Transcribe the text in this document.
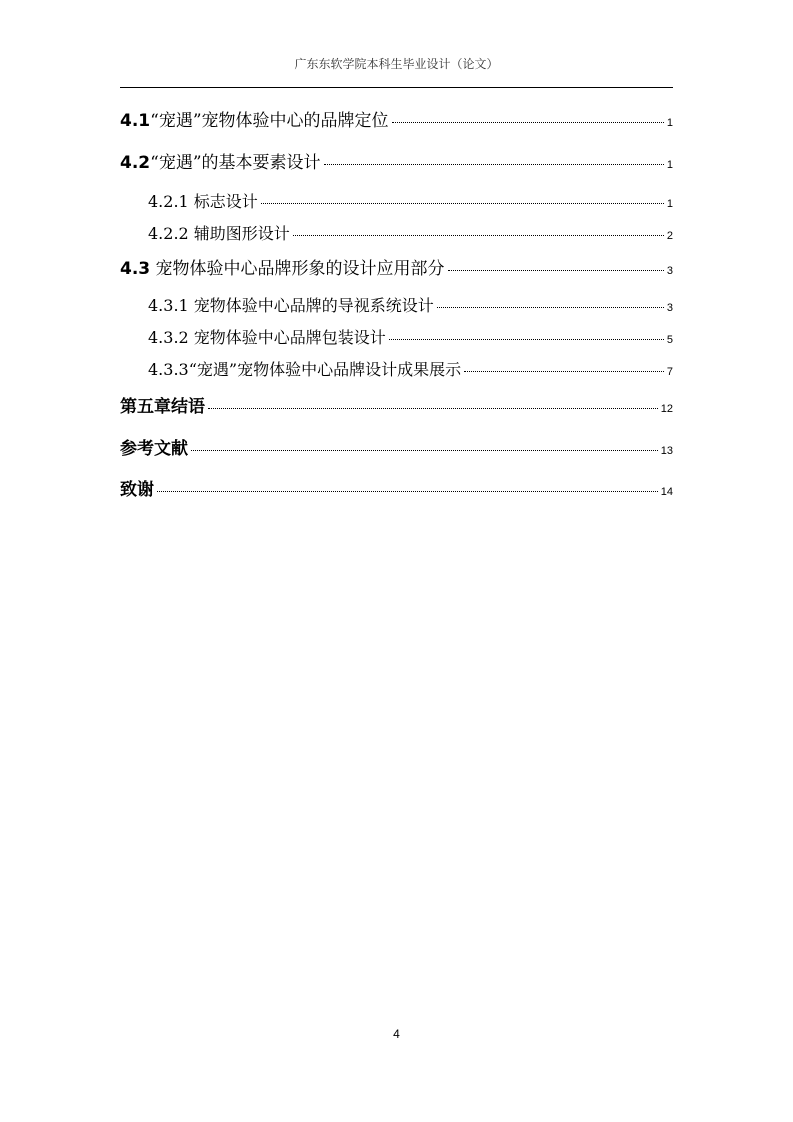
广东东软学院本科生毕业设计（论文）
4.1“宠遇”宠物体验中心的品牌定位	1
4.2“宠遇”的基本要素设计	1
4.2.1 标志设计	1
4.2.2 辅助图形设计	2
4.3 宠物体验中心品牌形象的设计应用部分	3
4.3.1 宠物体验中心品牌的导视系统设计	3
4.3.2 宠物体验中心品牌包装设计	5
4.3.3“宠遇”宠物体验中心品牌设计成果展示	7
第五章结语	12
参考文献	13
致谢	14
4
